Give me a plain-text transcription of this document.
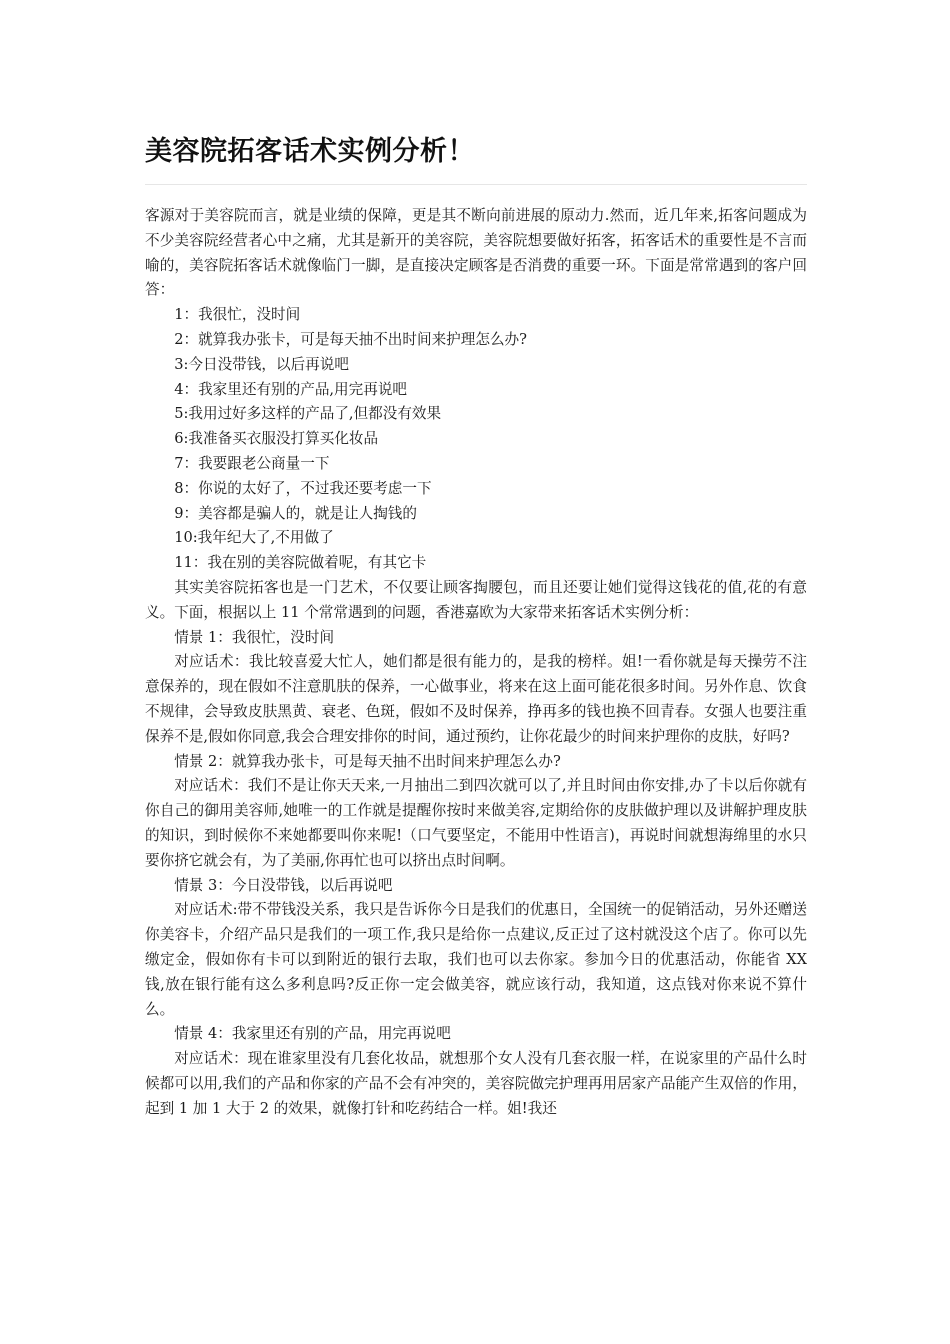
美容院拓客话术实例分析！

客源对于美容院而言，就是业绩的保障，更是其不断向前进展的原动力.然而，近几年来,拓客问题成为不少美容院经营者心中之痛，尤其是新开的美容院，美容院想要做好拓客，拓客话术的重要性是不言而喻的，美容院拓客话术就像临门一脚，是直接决定顾客是否消费的重要一环。下面是常常遇到的客户回答：

1：我很忙，没时间

2：就算我办张卡，可是每天抽不出时间来护理怎么办?

3:今日没带钱，以后再说吧

4：我家里还有别的产品,用完再说吧

5:我用过好多这样的产品了,但都没有效果

6:我准备买衣服没打算买化妆品

7：我要跟老公商量一下

8：你说的太好了，不过我还要考虑一下

9：美容都是骗人的，就是让人掏钱的

10:我年纪大了,不用做了

11：我在别的美容院做着呢，有其它卡

其实美容院拓客也是一门艺术，不仅要让顾客掏腰包，而且还要让她们觉得这钱花的值,花的有意义。下面，根据以上 11 个常常遇到的问题，香港嘉欧为大家带来拓客话术实例分析：

情景 1：我很忙，没时间

对应话术：我比较喜爱大忙人，她们都是很有能力的，是我的榜样。姐!一看你就是每天操劳不注意保养的，现在假如不注意肌肤的保养，一心做事业，将来在这上面可能花很多时间。另外作息、饮食不规律，会导致皮肤黑黄、衰老、色斑，假如不及时保养，挣再多的钱也换不回青春。女强人也要注重保养不是,假如你同意,我会合理安排你的时间，通过预约，让你花最少的时间来护理你的皮肤，好吗?

情景 2：就算我办张卡，可是每天抽不出时间来护理怎么办?

对应话术：我们不是让你天天来,一月抽出二到四次就可以了,并且时间由你安排,办了卡以后你就有你自己的御用美容师,她唯一的工作就是提醒你按时来做美容,定期给你的皮肤做护理以及讲解护理皮肤的知识，到时候你不来她都要叫你来呢!（口气要坚定，不能用中性语言)，再说时间就想海绵里的水只要你挤它就会有，为了美丽,你再忙也可以挤出点时间啊。

情景 3：今日没带钱，以后再说吧

对应话术:带不带钱没关系，我只是告诉你今日是我们的优惠日，全国统一的促销活动，另外还赠送你美容卡，介绍产品只是我们的一项工作,我只是给你一点建议,反正过了这村就没这个店了。你可以先缴定金，假如你有卡可以到附近的银行去取，我们也可以去你家。参加今日的优惠活动，你能省 XX 钱,放在银行能有这么多利息吗?反正你一定会做美容，就应该行动，我知道，这点钱对你来说不算什么。

情景 4：我家里还有别的产品，用完再说吧

对应话术：现在谁家里没有几套化妆品，就想那个女人没有几套衣服一样，在说家里的产品什么时候都可以用,我们的产品和你家的产品不会有冲突的，美容院做完护理再用居家产品能产生双倍的作用，起到 1 加 1 大于 2 的效果，就像打针和吃药结合一样。姐!我还
